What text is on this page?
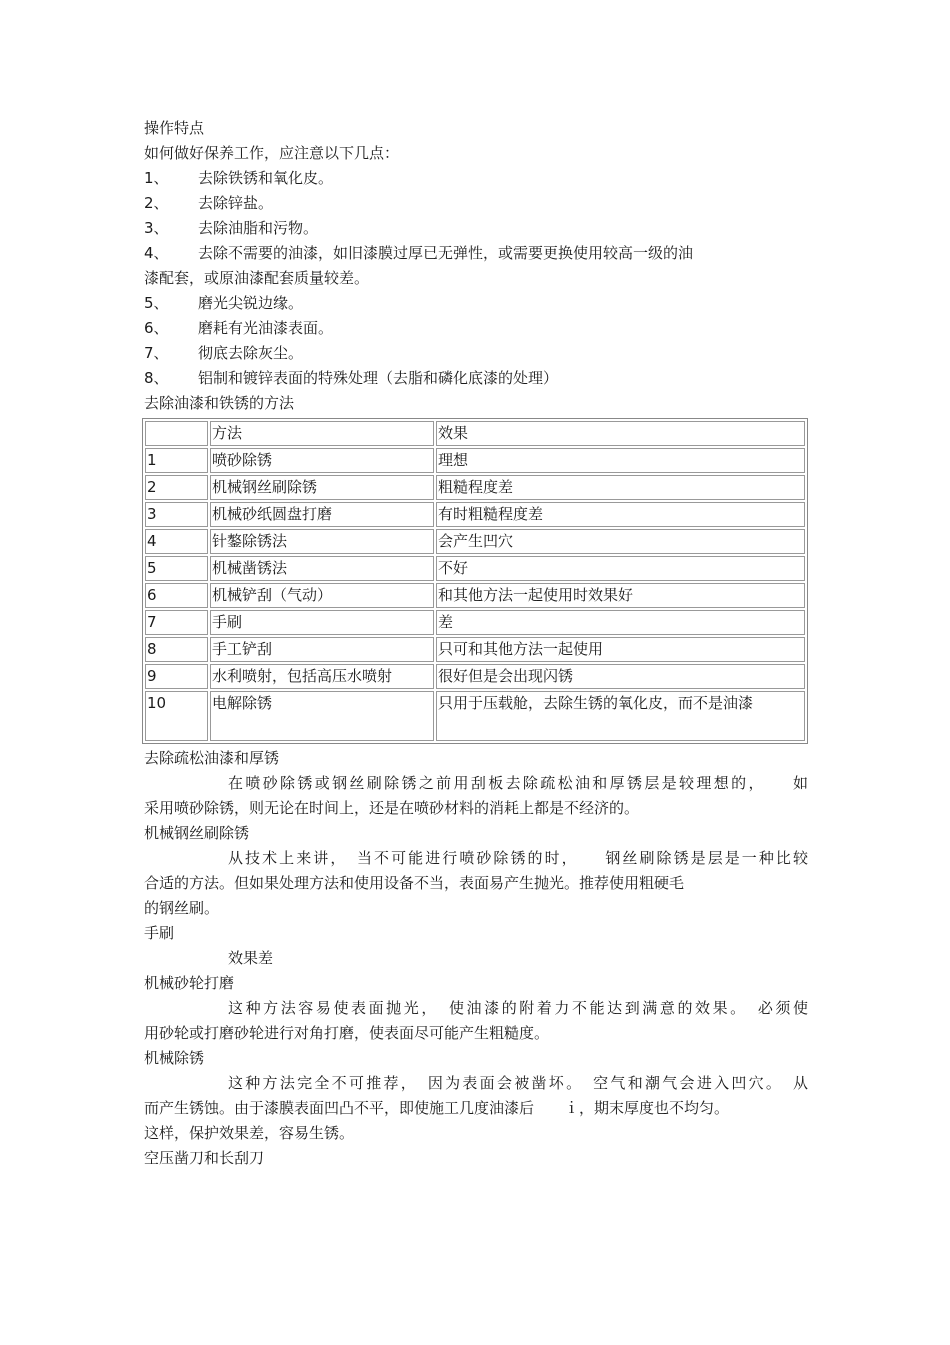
操作特点
如何做好保养工作，应注意以下几点：
1、	去除铁锈和氧化皮。
2、	去除锌盐。
3、	去除油脂和污物。
4、	去除不需要的油漆，如旧漆膜过厚已无弹性，或需要更换使用较高一级的油
漆配套，或原油漆配套质量较差。
5、	磨光尖锐边缘。
6、	磨耗有光油漆表面。
7、	彻底去除灰尘。
8、	铝制和镀锌表面的特殊处理（去脂和磷化底漆的处理）
去除油漆和铁锈的方法
	方法	效果
1	喷砂除锈	理想
2	机械钢丝刷除锈	粗糙程度差
3	机械砂纸圆盘打磨	有时粗糙程度差
4	针鏊除锈法	会产生凹穴
5	机械凿锈法	不好
6	机械铲刮（气动）	和其他方法一起使用时效果好
7	手刷	差
8	手工铲刮	只可和其他方法一起使用
9	水利喷射，包括高压水喷射	很好但是会出现闪锈
10	电解除锈	只用于压载舱，去除生锈的氧化皮，而不是油漆
去除疏松油漆和厚锈
在喷砂除锈或钢丝刷除锈之前用刮板去除疏松油和厚锈层是较理想的，　　如
采用喷砂除锈，则无论在时间上，还是在喷砂材料的消耗上都是不经济的。
机械钢丝刷除锈
从技术上来讲，　当不可能进行喷砂除锈的时，　　钢丝刷除锈是层是一种比较
合适的方法。但如果处理方法和使用设备不当，表面易产生抛光。推荐使用粗硬毛
的钢丝刷。
手刷
效果差
机械砂轮打磨
这种方法容易使表面抛光，　使油漆的附着力不能达到满意的效果。　必须使
用砂轮或打磨砂轮进行对角打磨，使表面尽可能产生粗糙度。
机械除锈
这种方法完全不可推荐，　因为表面会被凿坏。　空气和潮气会进入凹穴。　从
而产生锈蚀。由于漆膜表面凹凸不平，即使施工几度油漆后　　ｉ，期末厚度也不均匀。
这样，保护效果差，容易生锈。
空压凿刀和长刮刀
